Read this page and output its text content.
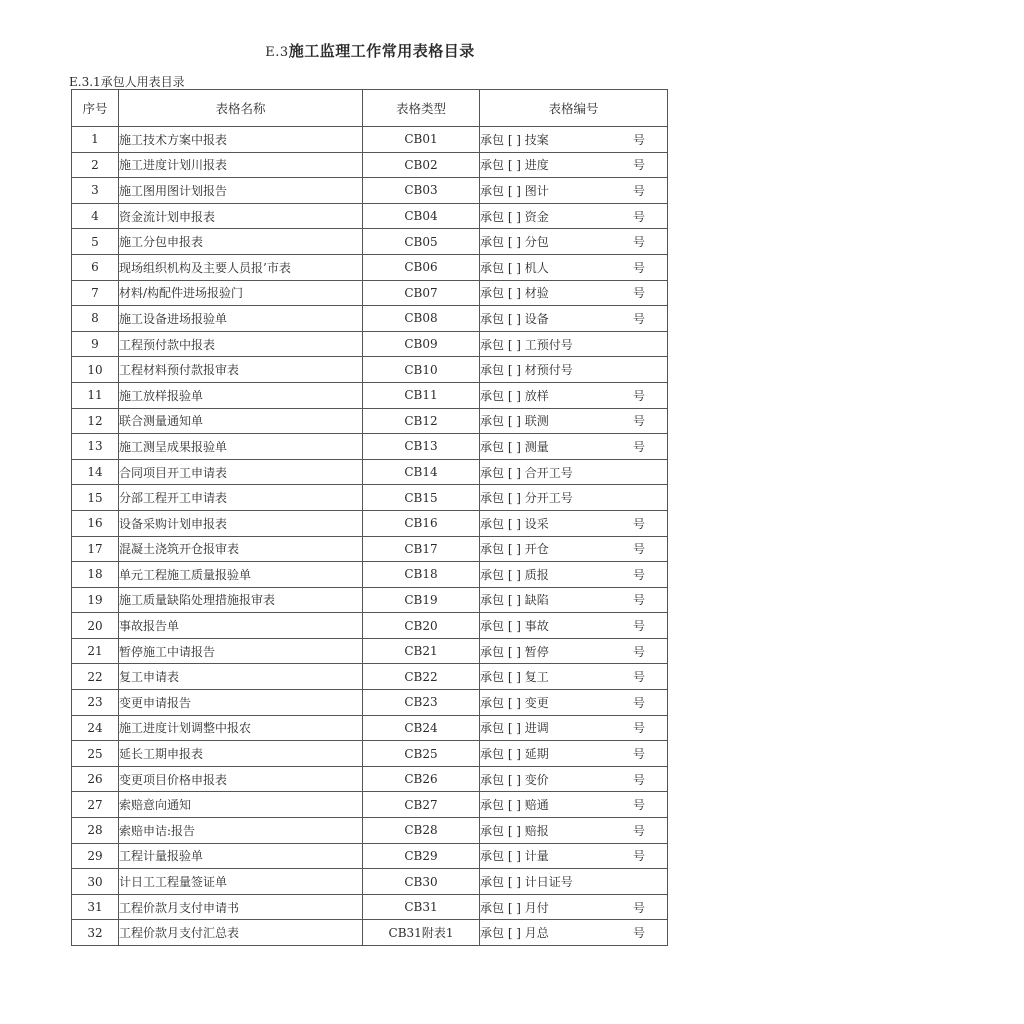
E.3施工监理工作常用表格目录
E.3.1承包人用表目录
序号	表格名称	表格类型	表格编号
1	施工技术方案中报表	CB01	承包 [ ] 技案 号

2	施工进度计划川报表	CB02	承包 [ ] 进度 号

3	施工图用图计划报告	CB03	承包 [ ] 图计 号

4	资金流计划申报表	CB04	承包 [ ] 资金 号

5	施工分包申报表	CB05	承包 [ ] 分包 号

6	现场组织机构及主要人员报’市表	CB06	承包 [ ] 机人 号

7	材料/构配件进场报验门	CB07	承包 [ ] 材验 号

8	施工设备进场报验单	CB08	承包 [ ] 设备 号

9	工程预付款中报表	CB09	承包 [ ] 工预付号

10	工程材料预付款报审表	CB10	承包 [ ] 材预付号

11	施工放样报验单	CB11	承包 [ ] 放样 号

12	联合测量通知单	CB12	承包 [ ] 联测 号

13	施工测呈成果报验单	CB13	承包 [ ] 测量 号

14	合同项目开工申请表	CB14	承包 [ ] 合开工号

15	分部工程开工申请表	CB15	承包 [ ] 分开工号

16	设备采购计划申报表	CB16	承包 [ ] 设采 号

17	混凝土浇筑开仓报审表	CB17	承包 [ ] 开仓 号

18	单元工程施工质量报验单	CB18	承包 [ ] 质报 号

19	施工质量缺陷处理措施报审表	CB19	承包 [ ] 缺陷 号

20	事故报告单	CB20	承包 [ ] 事故 号

21	暂停施工中请报告	CB21	承包 [ ] 暂停 号

22	复工申请表	CB22	承包 [ ] 复工 号

23	变更申请报告	CB23	承包 [ ] 变更 号

24	施工进度计划调整中报农	CB24	承包 [ ] 进调 号

25	延长工期申报表	CB25	承包 [ ] 延期 号

26	变更项目价格申报表	CB26	承包 [ ] 变价 号

27	索赔意向通知	CB27	承包 [ ] 赔通 号

28	索赔申诘:报告	CB28	承包 [ ] 赔报 号

29	工程计量报验单	CB29	承包 [ ] 计量 号

30	计日工工程量签证单	CB30	承包 [ ] 计日证号

31	工程价款月支付申请书	CB31	承包 [ ] 月付 号

32	工程价款月支付汇总表	CB31附表1	承包 [ ] 月总 号
